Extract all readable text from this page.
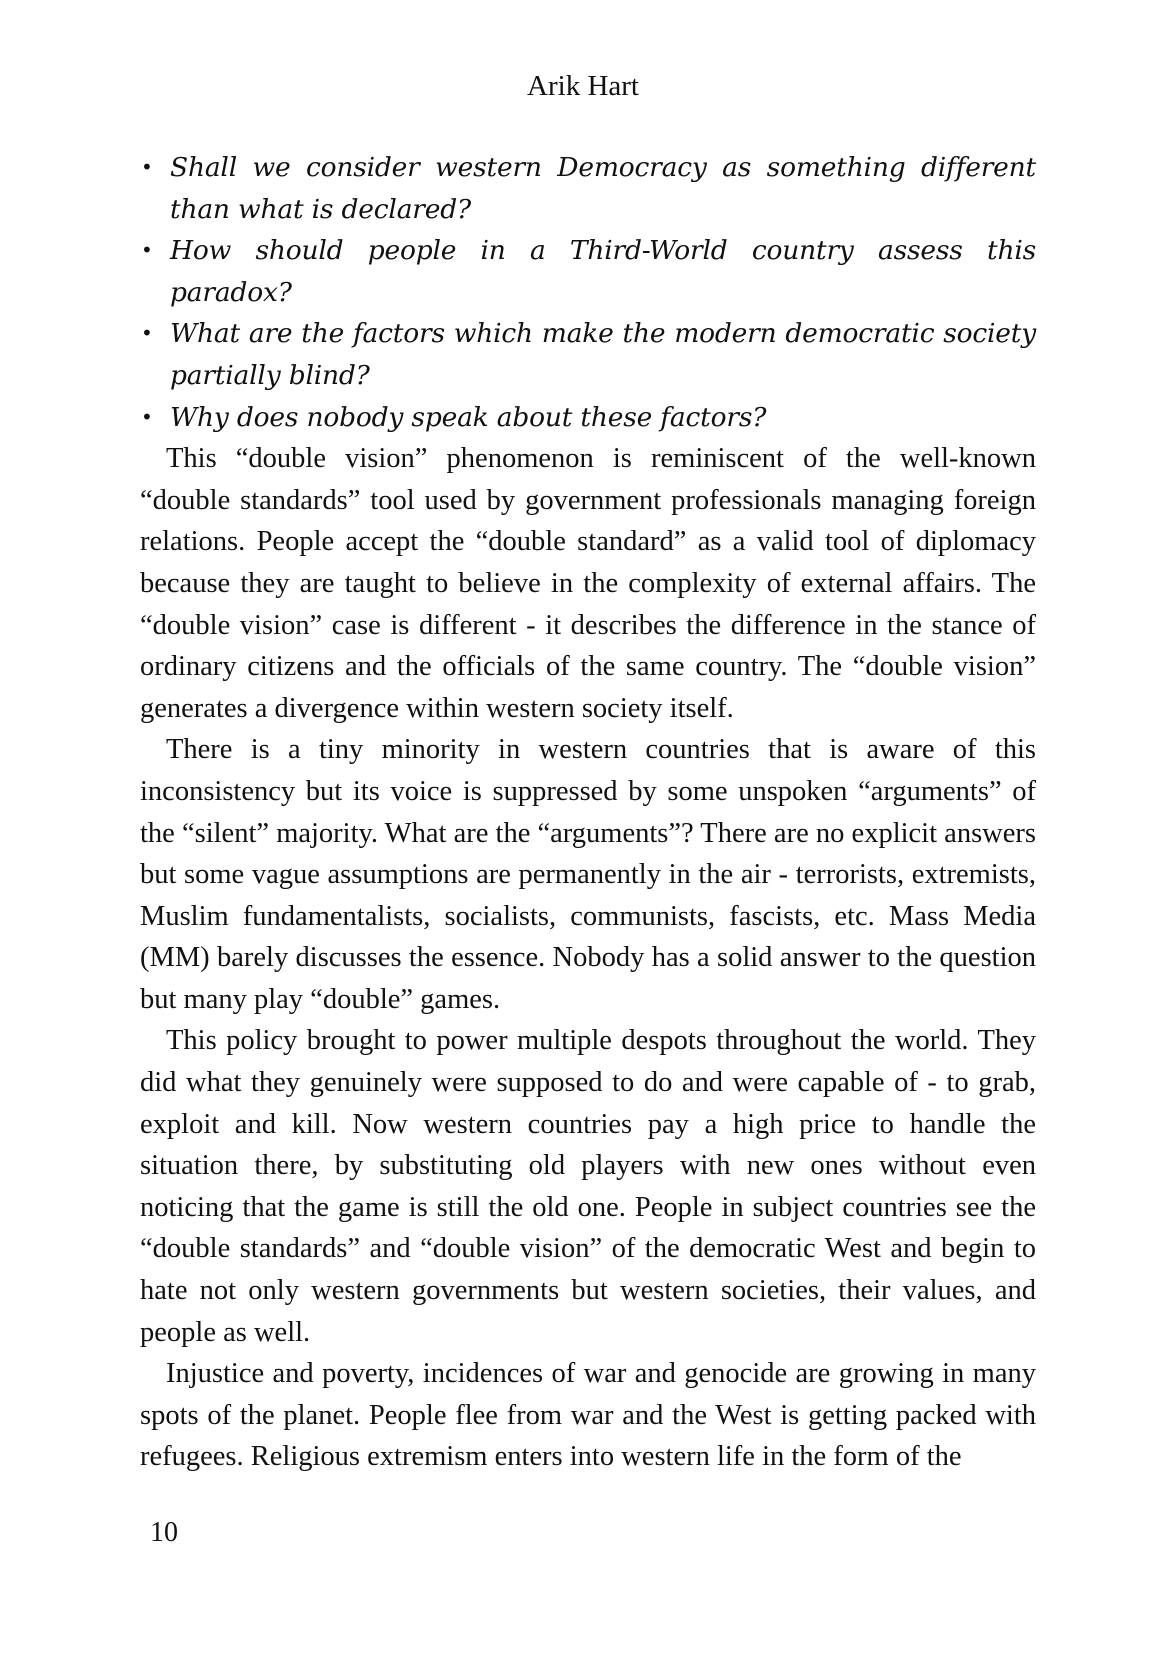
Arik Hart
• Shall we consider western Democracy as something different than what is declared?
• How should people in a Third-World country assess this paradox?
• What are the factors which make the modern democratic society partially blind?
• Why does nobody speak about these factors?

This “double vision” phenomenon is reminiscent of the well-known “double standards” tool used by government professionals managing foreign relations. People accept the “double standard” as a valid tool of diplomacy because they are taught to believe in the complexity of external affairs. The “double vision” case is different - it describes the difference in the stance of ordinary citizens and the officials of the same country. The “double vision” generates a divergence within western society itself.

There is a tiny minority in western countries that is aware of this inconsistency but its voice is suppressed by some unspoken “arguments” of the “silent” majority. What are the “arguments”? There are no explicit answers but some vague assumptions are permanently in the air - terrorists, extremists, Muslim fundamentalists, socialists, communists, fascists, etc. Mass Media (MM) barely discusses the essence. Nobody has a solid answer to the question but many play “double” games.

This policy brought to power multiple despots throughout the world. They did what they genuinely were supposed to do and were capable of - to grab, exploit and kill. Now western countries pay a high price to handle the situation there, by substituting old players with new ones without even noticing that the game is still the old one. People in subject countries see the “double standards” and “double vision” of the democratic West and begin to hate not only western governments but western societies, their values, and people as well.

Injustice and poverty, incidences of war and genocide are growing in many spots of the planet. People flee from war and the West is getting packed with refugees. Religious extremism enters into western life in the form of the

10
